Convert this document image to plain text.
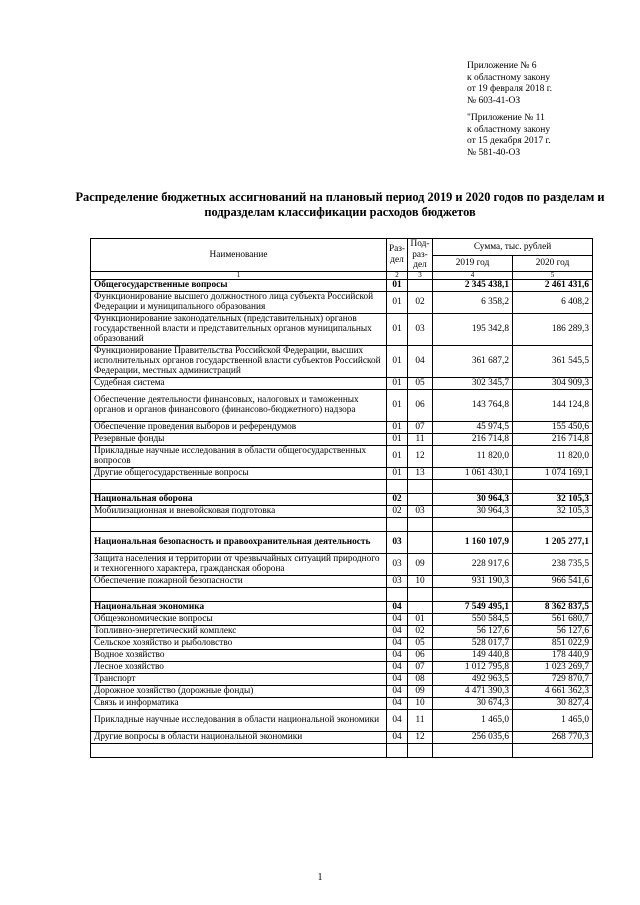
Приложение № 6
к областному закону
от 19 февраля 2018 г.
№ 603-41-ОЗ
"Приложение № 11
к областному закону
от 15 декабря 2017 г.
№ 581-40-ОЗ
Распределение бюджетных ассигнований на плановый период 2019 и 2020 годов по разделам и подразделам классификации расходов бюджетов
Наименование	Раз-дел	Под-раз-дел	Сумма, тыс. рублей	
			2019 год	2020 год
1	2	3	4	5
Общегосударственные вопросы	01		2 345 438,1	2 461 431,6
Функционирование высшего должностного лица субъекта Российской Федерации и муниципального образования	01	02	6 358,2	6 408,2
Функционирование законодательных (представительных) органов государственной власти и представительных органов муниципальных образований	01	03	195 342,8	186 289,3
Функционирование Правительства Российской Федерации, высших исполнительных органов государственной власти субъектов Российской Федерации, местных администраций	01	04	361 687,2	361 545,5
Судебная система	01	05	302 345,7	304 909,3
Обеспечение деятельности финансовых, налоговых и таможенных органов и органов финансового (финансово-бюджетного) надзора	01	06	143 764,8	144 124,8
Обеспечение проведения выборов и референдумов	01	07	45 974,5	155 450,6
Резервные фонды	01	11	216 714,8	216 714,8
Прикладные научные исследования в области общегосударственных вопросов	01	12	11 820,0	11 820,0
Другие общегосударственные вопросы	01	13	1 061 430,1	1 074 169,1

Национальная оборона	02		30 964,3	32 105,3
Мобилизационная и вневойсковая подготовка	02	03	30 964,3	32 105,3

Национальная безопасность и правоохранительная деятельность	03		1 160 107,9	1 205 277,1
Защита населения и территории от чрезвычайных ситуаций природного и техногенного характера, гражданская оборона	03	09	228 917,6	238 735,5
Обеспечение пожарной безопасности	03	10	931 190,3	966 541,6

Национальная экономика	04		7 549 495,1	8 362 837,5
Общеэкономические вопросы	04	01	550 584,5	561 680,7
Топливно-энергетический комплекс	04	02	56 127,6	56 127,6
Сельское хозяйство и рыболовство	04	05	528 017,7	851 022,9
Водное хозяйство	04	06	149 440,8	178 440,9
Лесное хозяйство	04	07	1 012 795,8	1 023 269,7
Транспорт	04	08	492 963,5	729 870,7
Дорожное хозяйство (дорожные фонды)	04	09	4 471 390,3	4 661 362,3
Связь и информатика	04	10	30 674,3	30 827,4
Прикладные научные исследования в области национальной экономики	04	11	1 465,0	1 465,0
Другие вопросы в области национальной экономики	04	12	256 035,6	268 770,3

1
